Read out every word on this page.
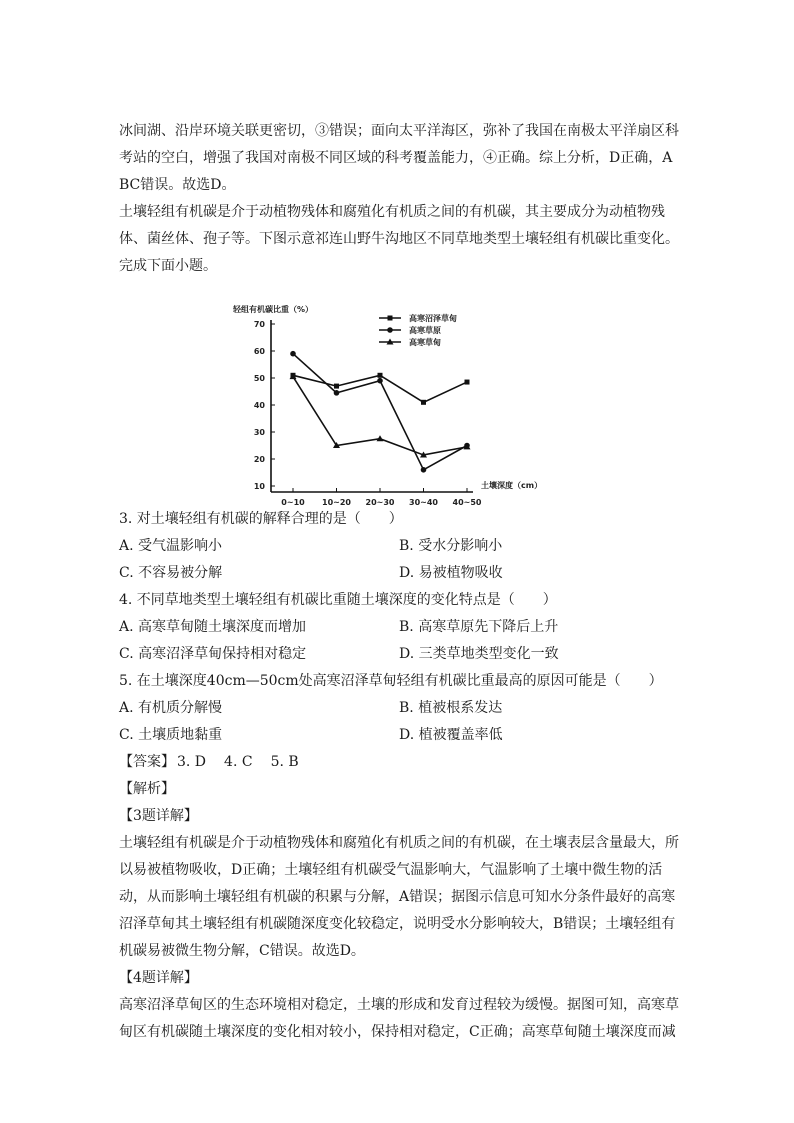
冰间湖、沿岸环境关联更密切，③错误；面向太平洋海区，弥补了我国在南极太平洋扇区科考站的空白，增强了我国对南极不同区域的科考覆盖能力，④正确。综上分析，D正确，ABC错误。故选D。

土壤轻组有机碳是介于动植物残体和腐殖化有机质之间的有机碳，其主要成分为动植物残体、菌丝体、孢子等。下图示意祁连山野牛沟地区不同草地类型土壤轻组有机碳比重变化。完成下面小题。

轻组有机碳比重（%）
土壤深度（cm）
10
20
30
40
50
60
70
0~10 10~20 20~30 30~40 40~50
高寒沼泽草甸
高寒草原
高寒草甸

3. 对土壤轻组有机碳的解释合理的是（　　）

A. 受气温影响小	B. 受水分影响小
C. 不容易被分解	D. 易被植物吸收

4. 不同草地类型土壤轻组有机碳比重随土壤深度的变化特点是（　　）

A. 高寒草甸随土壤深度而增加	B. 高寒草原先下降后上升
C. 高寒沼泽草甸保持相对稳定	D. 三类草地类型变化一致

5. 在土壤深度40cm—50cm处高寒沼泽草甸轻组有机碳比重最高的原因可能是（　　）

A. 有机质分解慢	B. 植被根系发达
C. 土壤质地黏重	D. 植被覆盖率低

【答案】 3. D 4. C 5. B

【解析】

【3题详解】

土壤轻组有机碳是介于动植物残体和腐殖化有机质之间的有机碳，在土壤表层含量最大，所以易被植物吸收，D正确；土壤轻组有机碳受气温影响大，气温影响了土壤中微生物的活动，从而影响土壤轻组有机碳的积累与分解，A错误；据图示信息可知水分条件最好的高寒沼泽草甸其土壤轻组有机碳随深度变化较稳定，说明受水分影响较大，B错误；土壤轻组有机碳易被微生物分解，C错误。故选D。

【4题详解】

高寒沼泽草甸区的生态环境相对稳定，土壤的形成和发育过程较为缓慢。据图可知，高寒草甸区有机碳随土壤深度的变化相对较小，保持相对稳定，C正确；高寒草甸随土壤深度而减
